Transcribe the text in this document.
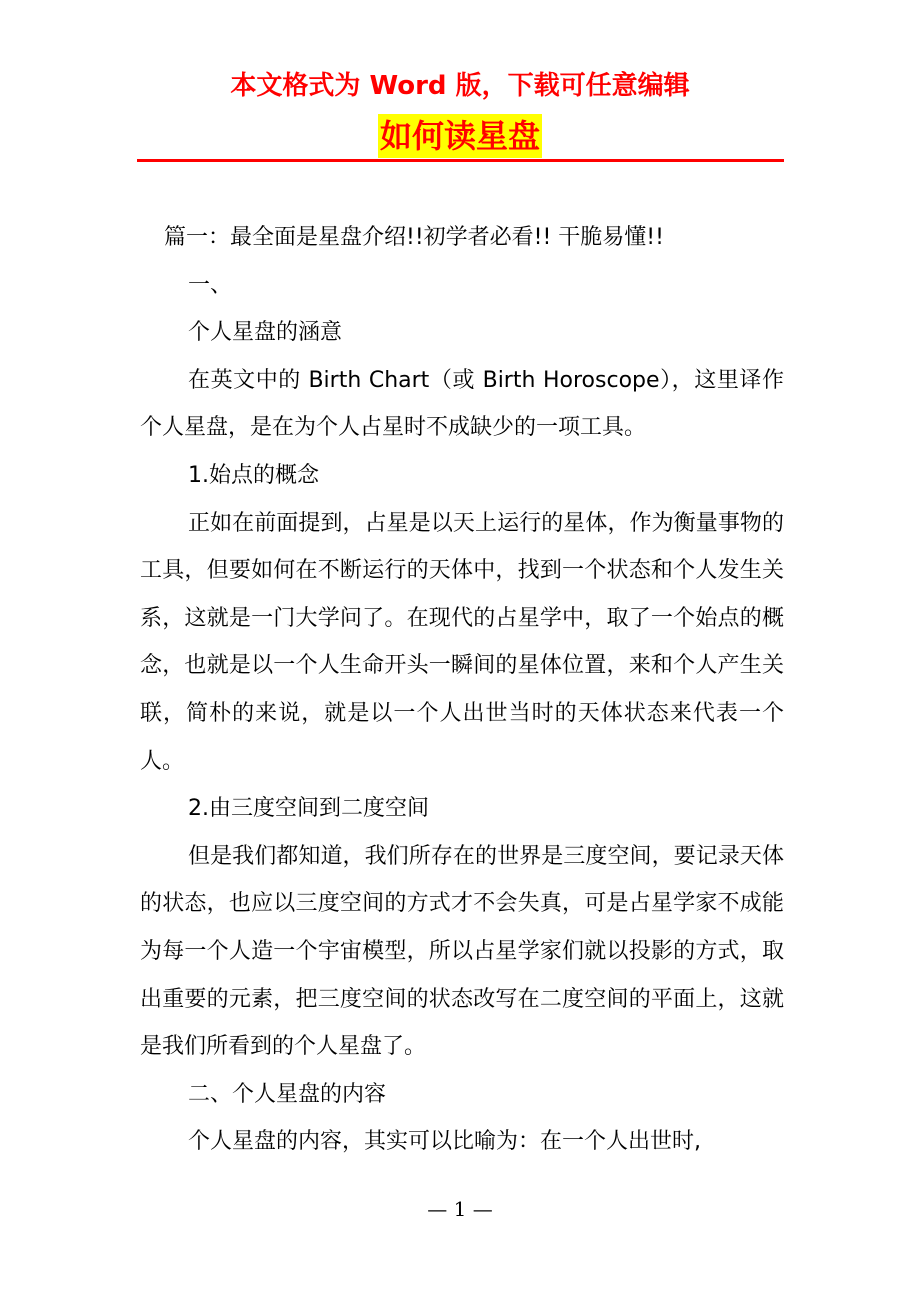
本文格式为 Word 版，下载可任意编辑
如何读星盘

篇一：最全面是星盘介绍!!初学者必看!! 干脆易懂!!

一、

个人星盘的涵意

在英文中的 Birth Chart（或 Birth Horoscope），这里译作个人星盘，是在为个人占星时不成缺少的一项工具。

1.始点的概念

正如在前面提到，占星是以天上运行的星体，作为衡量事物的工具，但要如何在不断运行的天体中，找到一个状态和个人发生关系，这就是一门大学问了。在现代的占星学中，取了一个始点的概念，也就是以一个人生命开头一瞬间的星体位置，来和个人产生关联，简朴的来说，就是以一个人出世当时的天体状态来代表一个人。

2.由三度空间到二度空间

但是我们都知道，我们所存在的世界是三度空间，要记录天体的状态，也应以三度空间的方式才不会失真，可是占星学家不成能为每一个人造一个宇宙模型，所以占星学家们就以投影的方式，取出重要的元素，把三度空间的状态改写在二度空间的平面上，这就是我们所看到的个人星盘了。

二、个人星盘的内容

个人星盘的内容，其实可以比喻为：在一个人出世时,

— 1 —
